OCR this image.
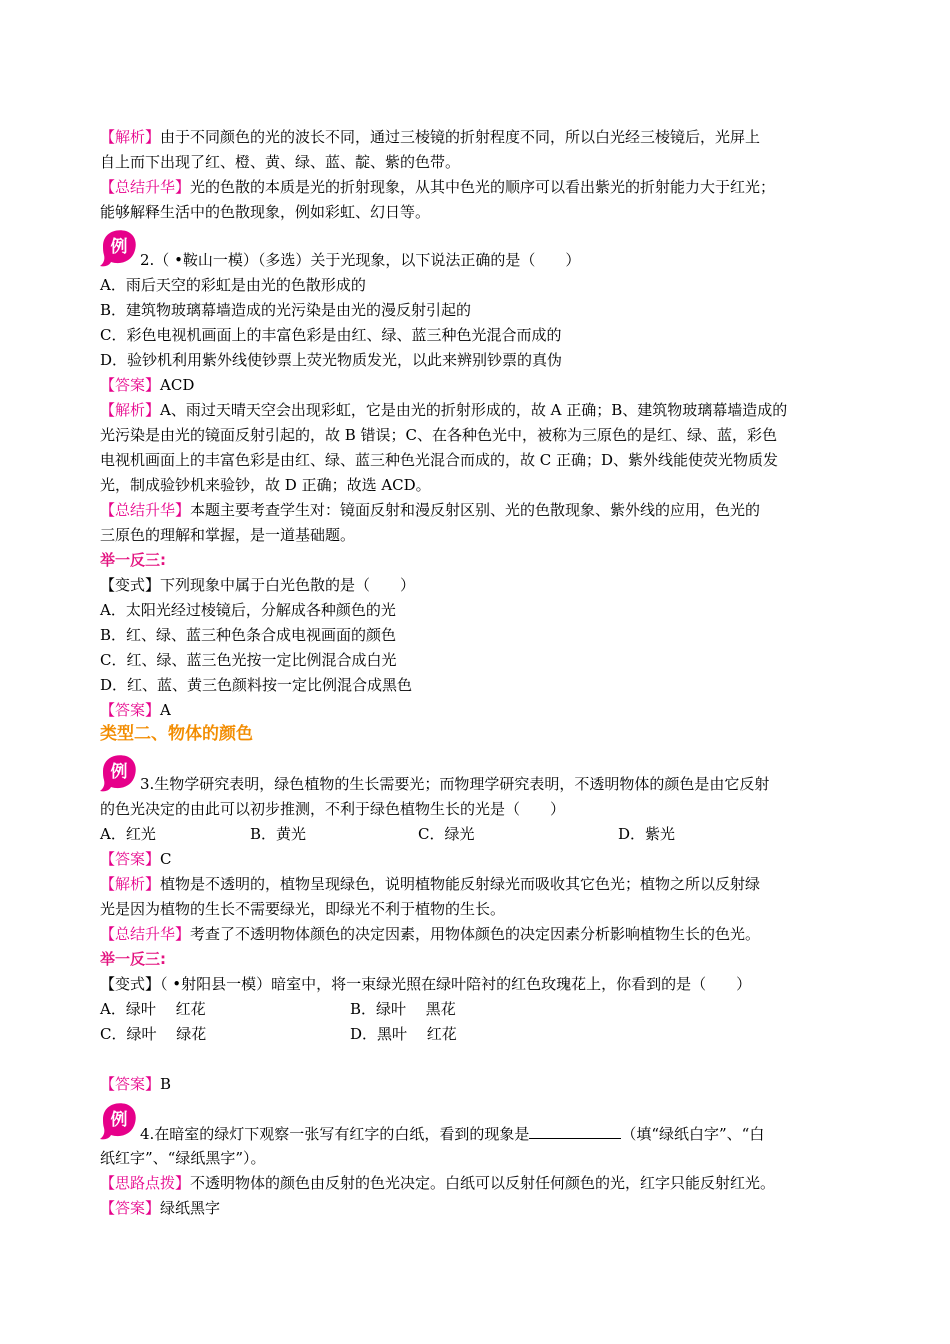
【解析】由于不同颜色的光的波长不同，通过三棱镜的折射程度不同，所以白光经三棱镜后，光屏上
自上而下出现了红、橙、黄、绿、蓝、靛、紫的色带。
【总结升华】光的色散的本质是光的折射现象，从其中色光的顺序可以看出紫光的折射能力大于红光；
能够解释生活中的色散现象，例如彩虹、幻日等。
例
2.（ •鞍山一模）（多选）关于光现象，以下说法正确的是（　　）
A．雨后天空的彩虹是由光的色散形成的
B．建筑物玻璃幕墙造成的光污染是由光的漫反射引起的
C．彩色电视机画面上的丰富色彩是由红、绿、蓝三种色光混合而成的
D．验钞机利用紫外线使钞票上荧光物质发光，以此来辨别钞票的真伪
【答案】ACD
【解析】A、雨过天晴天空会出现彩虹，它是由光的折射形成的，故 A 正确；B、建筑物玻璃幕墙造成的
光污染是由光的镜面反射引起的，故 B 错误；C、在各种色光中，被称为三原色的是红、绿、蓝，彩色
电视机画面上的丰富色彩是由红、绿、蓝三种色光混合而成的，故 C 正确；D、紫外线能使荧光物质发
光，制成验钞机来验钞，故 D 正确；故选 ACD。
【总结升华】本题主要考查学生对：镜面反射和漫反射区别、光的色散现象、紫外线的应用，色光的
三原色的理解和掌握，是一道基础题。
举一反三:
【变式】下列现象中属于白光色散的是（　　）
A．太阳光经过棱镜后，分解成各种颜色的光
B．红、绿、蓝三种色条合成电视画面的颜色
C．红、绿、蓝三色光按一定比例混合成白光
D．红、蓝、黄三色颜料按一定比例混合成黑色
【答案】A
类型二、物体的颜色
例
3.生物学研究表明，绿色植物的生长需要光；而物理学研究表明，不透明物体的颜色是由它反射
的色光决定的由此可以初步推测，不利于绿色植物生长的光是（　　）
A．红光	B．黄光	C．绿光	D．紫光
【答案】C
【解析】植物是不透明的，植物呈现绿色，说明植物能反射绿光而吸收其它色光；植物之所以反射绿
光是因为植物的生长不需要绿光，即绿光不利于植物的生长。
【总结升华】考查了不透明物体颜色的决定因素，用物体颜色的决定因素分析影响植物生长的色光。
举一反三:
【变式】（ •射阳县一模）暗室中，将一束绿光照在绿叶陪衬的红色玫瑰花上，你看到的是（　　）
A．绿叶　 红花	B．绿叶　 黑花
C．绿叶　 绿花	D．黑叶　 红花
【答案】B
例
4.在暗室的绿灯下观察一张写有红字的白纸，看到的现象是	（填“绿纸白字”、“白
纸红字”、“绿纸黑字”）。
【思路点拨】不透明物体的颜色由反射的色光决定。白纸可以反射任何颜色的光，红字只能反射红光。
【答案】绿纸黑字
